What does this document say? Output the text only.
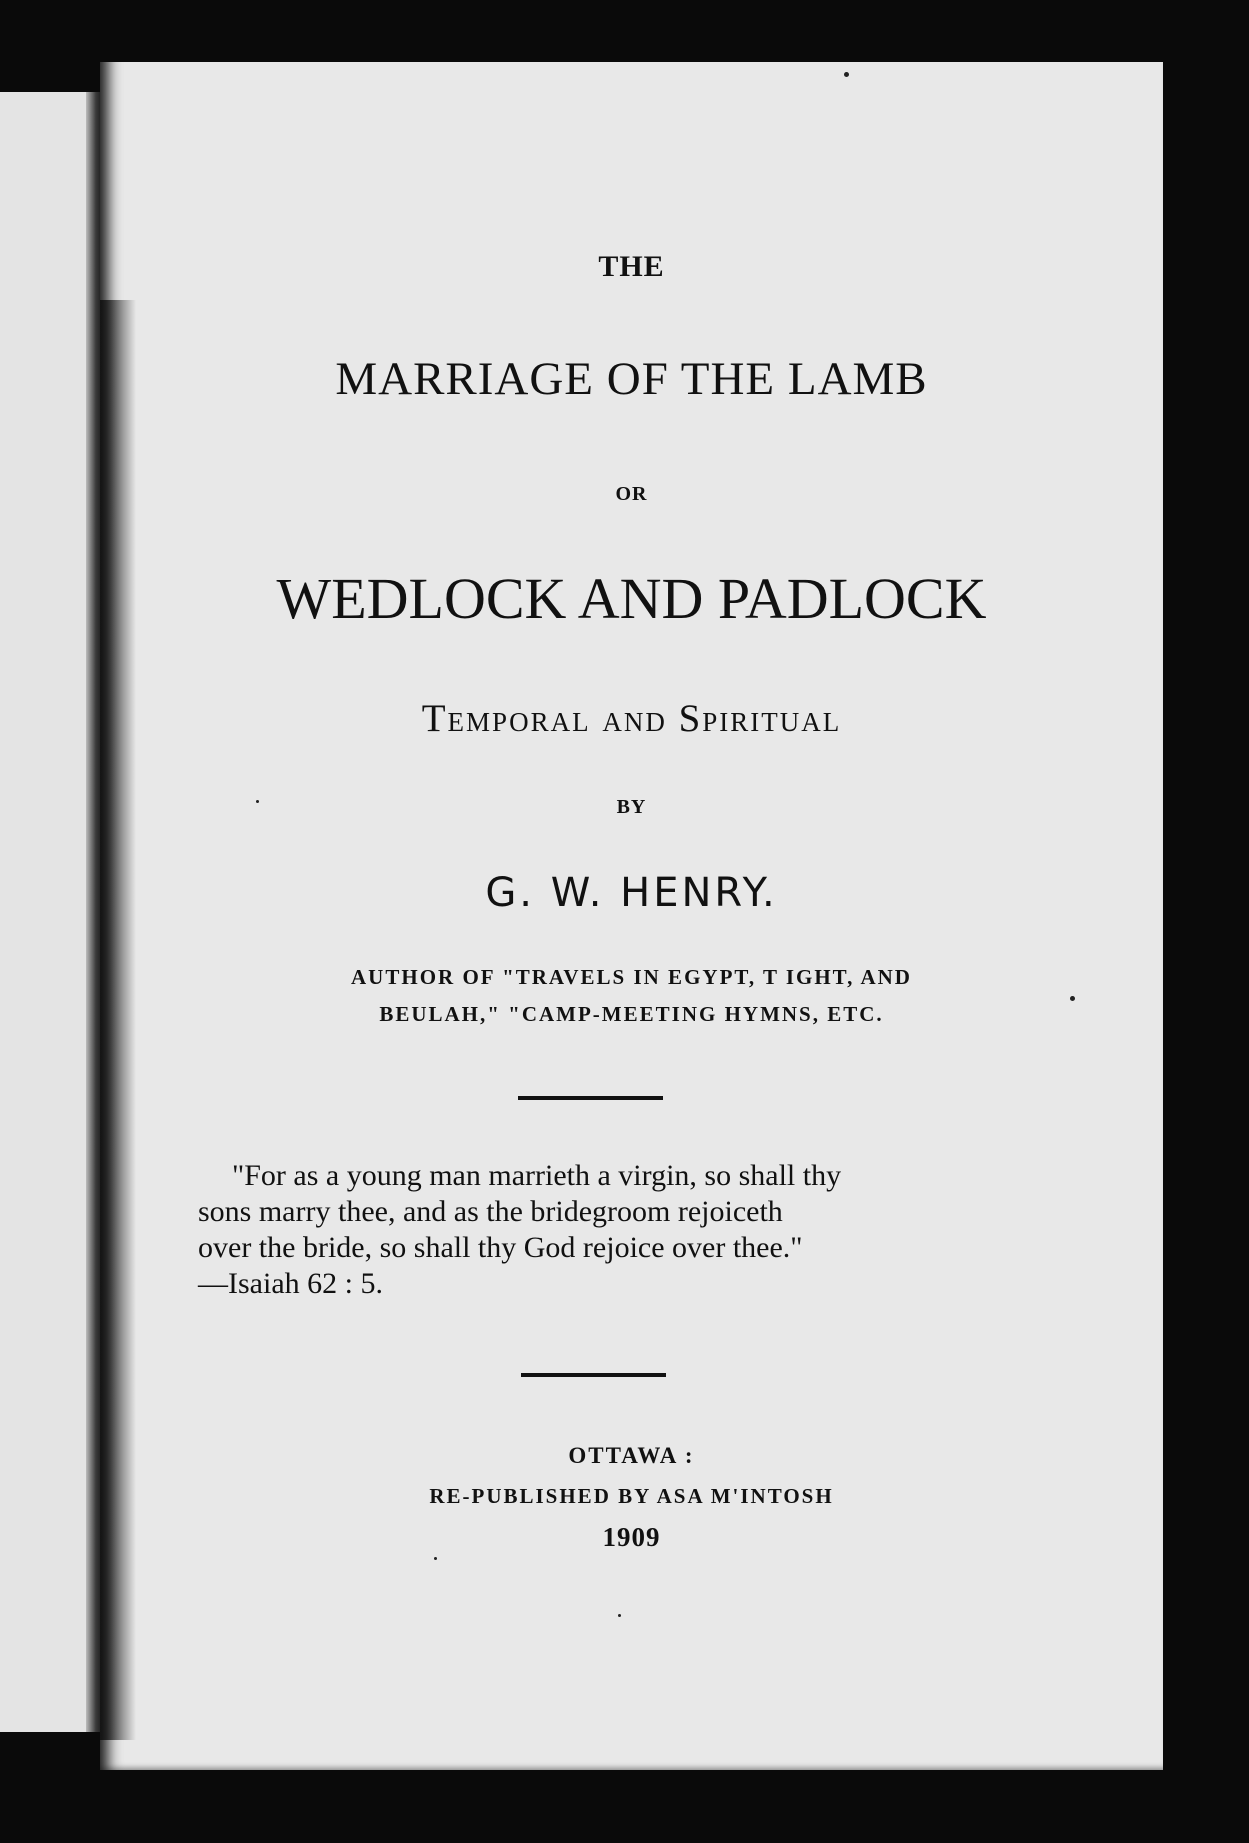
THE
MARRIAGE OF THE LAMB
OR
WEDLOCK AND PADLOCK
Temporal and Spiritual
BY
G. W. HENRY.
AUTHOR OF "TRAVELS IN EGYPT, T IGHT, AND
BEULAH," "CAMP-MEETING HYMNS, ETC.
"For as a young man marrieth a virgin, so shall thy
sons marry thee, and as the bridegroom rejoiceth
over the bride, so shall thy God rejoice over thee."
—Isaiah 62 : 5.
OTTAWA :
RE-PUBLISHED BY ASA M'INTOSH
1909
